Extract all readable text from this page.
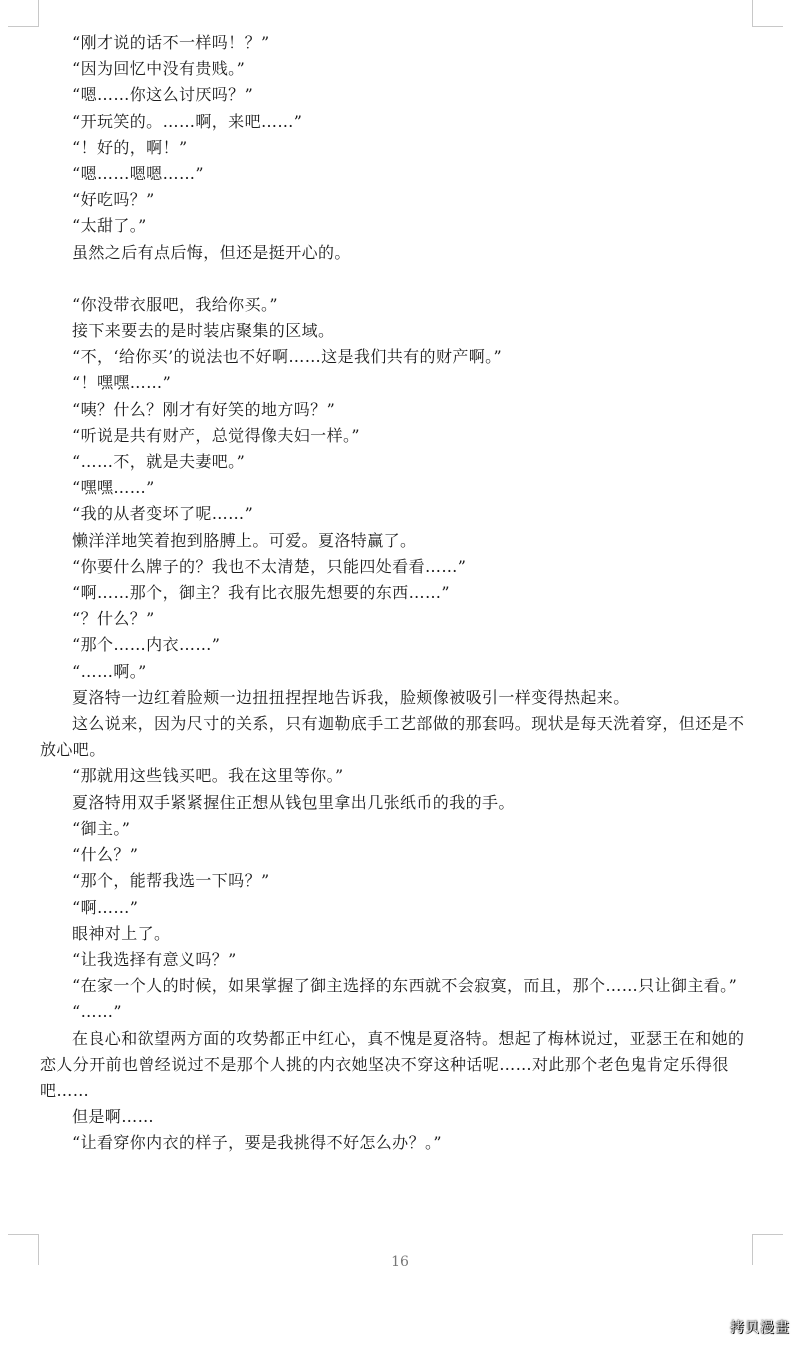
“刚才说的话不一样吗！？”

“因为回忆中没有贵贱。”

“嗯……你这么讨厌吗？”

“开玩笑的。……啊，来吧……”

“！好的，啊！”

“嗯……嗯嗯……”

“好吃吗？”

“太甜了。”

虽然之后有点后悔，但还是挺开心的。

“你没带衣服吧，我给你买。”

接下来要去的是时装店聚集的区域。

“不，‘给你买’的说法也不好啊……这是我们共有的财产啊。”

“！嘿嘿……”

“咦？什么？刚才有好笑的地方吗？”

“听说是共有财产，总觉得像夫妇一样。”

“……不，就是夫妻吧。”

“嘿嘿……”

“我的从者变坏了呢……”

懒洋洋地笑着抱到胳膊上。可爱。夏洛特赢了。

“你要什么牌子的？我也不太清楚，只能四处看看……”

“啊……那个，御主？我有比衣服先想要的东西……”

“？什么？”

“那个……内衣……”

“……啊。”

夏洛特一边红着脸颊一边扭扭捏捏地告诉我，脸颊像被吸引一样变得热起来。

这么说来，因为尺寸的关系，只有迦勒底手工艺部做的那套吗。现状是每天洗着穿，但还是不放心吧。

“那就用这些钱买吧。我在这里等你。”

夏洛特用双手紧紧握住正想从钱包里拿出几张纸币的我的手。

“御主。”

“什么？”

“那个，能帮我选一下吗？”

“啊……”

眼神对上了。

“让我选择有意义吗？”

“在家一个人的时候，如果掌握了御主选择的东西就不会寂寞，而且，那个……只让御主看。”

“……”

在良心和欲望两方面的攻势都正中红心，真不愧是夏洛特。想起了梅林说过，亚瑟王在和她的恋人分开前也曾经说过不是那个人挑的内衣她坚决不穿这种话呢……对此那个老色鬼肯定乐得很吧……

但是啊……

“让看穿你内衣的样子，要是我挑得不好怎么办？。”

16
拷贝漫畫
